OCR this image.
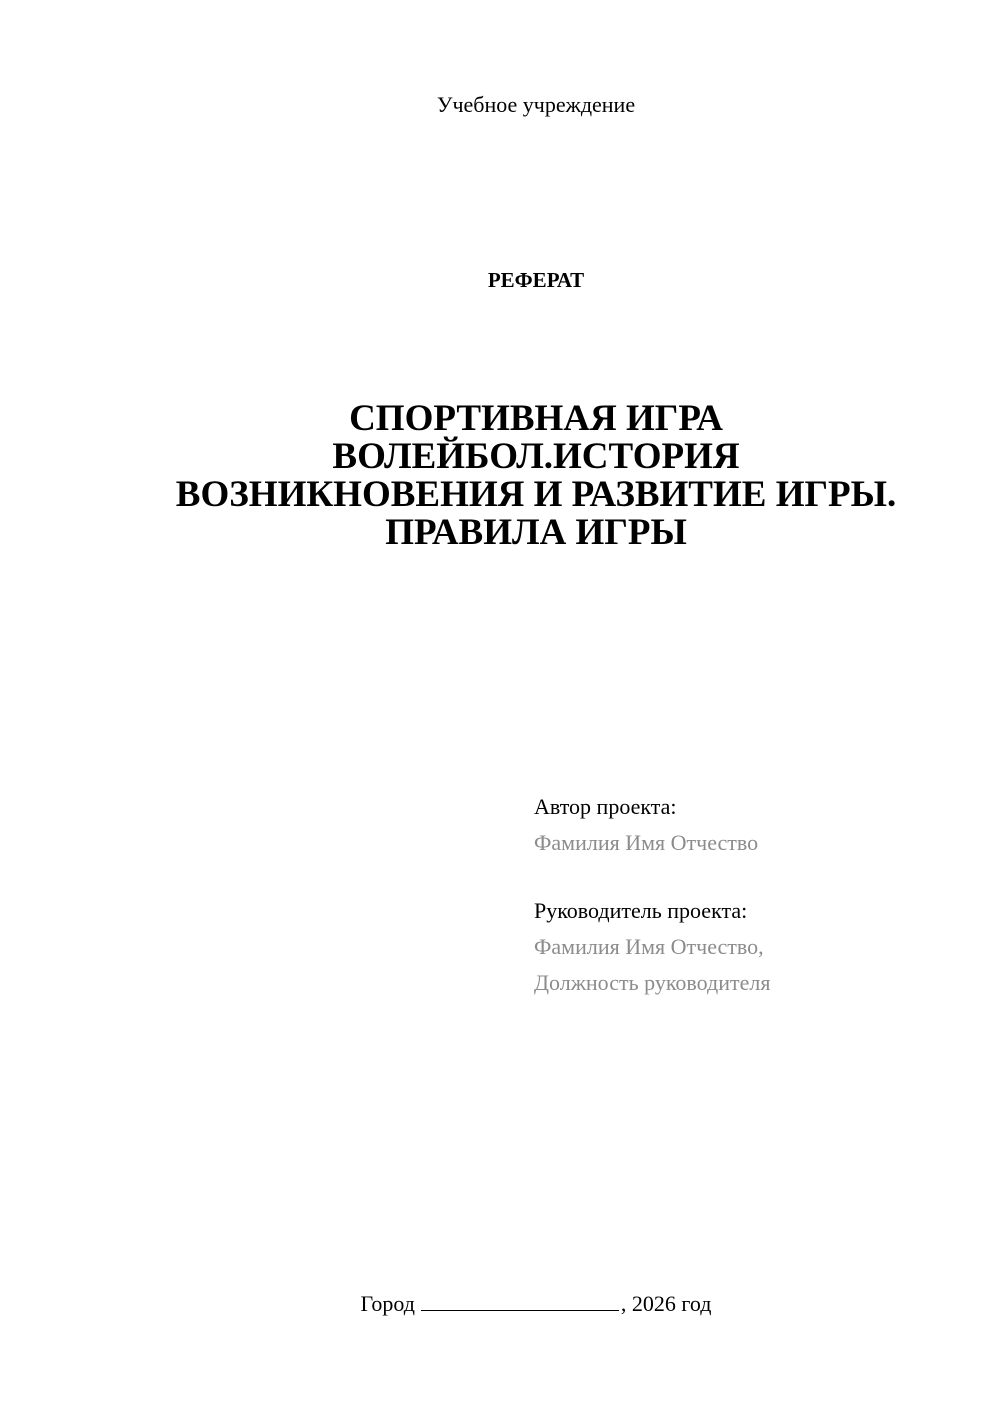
Учебное учреждение
РЕФЕРАТ
СПОРТИВНАЯ ИГРА
ВОЛЕЙБОЛ.ИСТОРИЯ
ВОЗНИКНОВЕНИЯ И РАЗВИТИЕ ИГРЫ.
ПРАВИЛА ИГРЫ
Автор проекта:
Фамилия Имя Отчество
Руководитель проекта:
Фамилия Имя Отчество,
Должность руководителя
Город	, 2026 год
